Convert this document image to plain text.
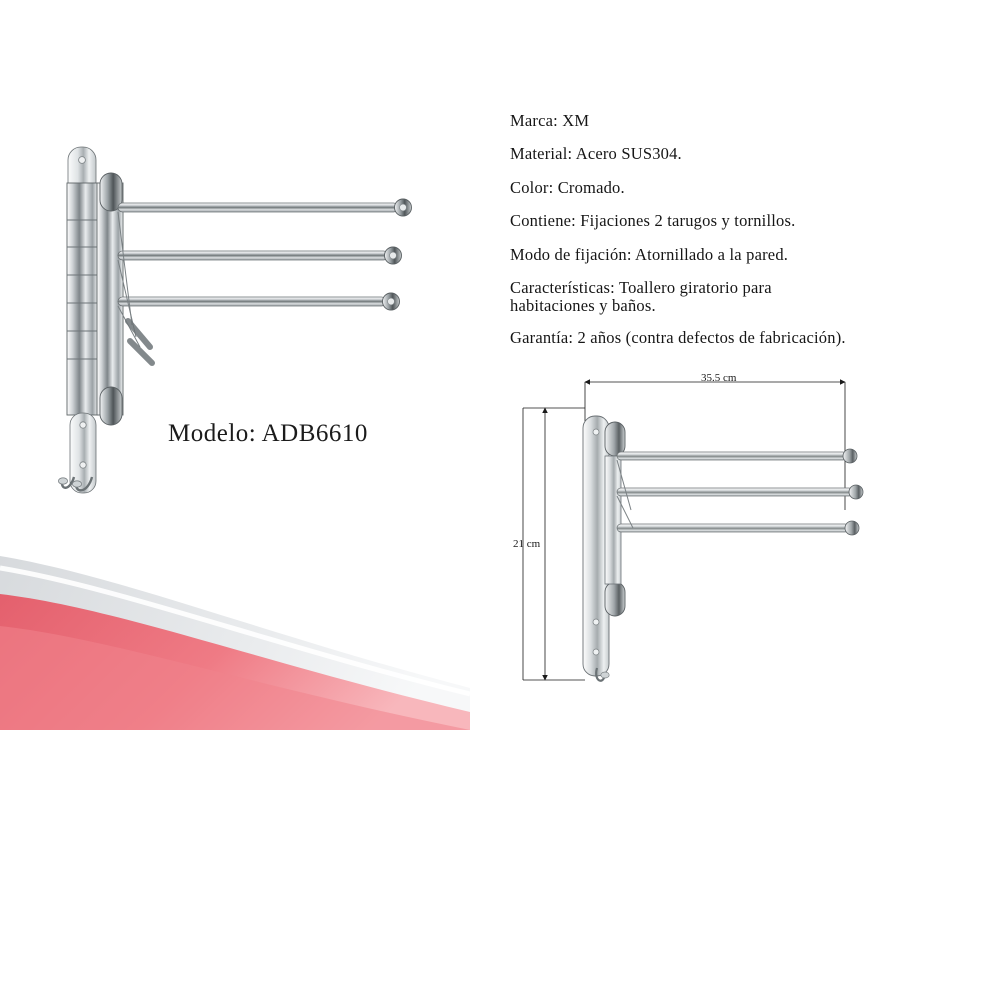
Modelo: ADB6610
Marca: XM
Material: Acero SUS304.
Color: Cromado.
Contiene: Fijaciones 2 tarugos y tornillos.
Modo de fijación: Atornillado a la pared.
Características: Toallero giratorio para
habitaciones y baños.
Garantía: 2 años (contra defectos de fabricación).
35.5 cm
21 cm
